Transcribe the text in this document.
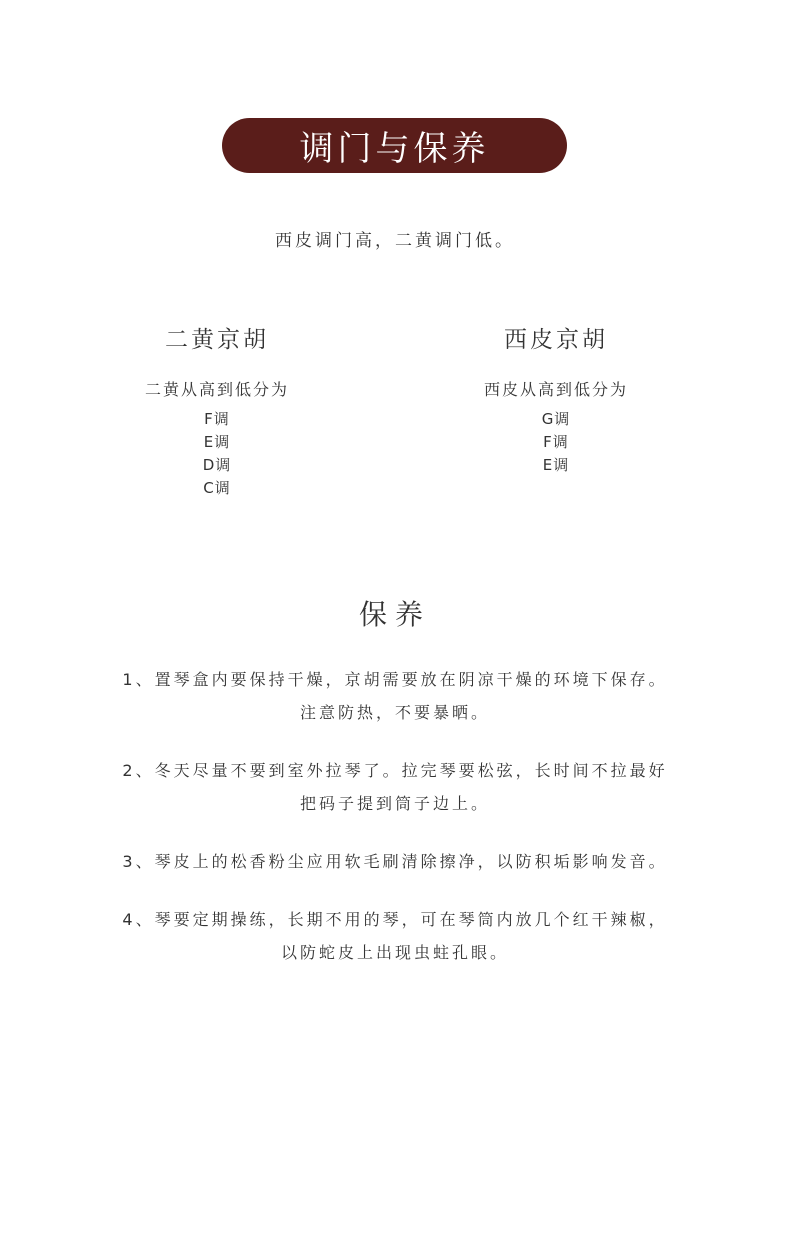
调门与保养
西皮调门高，二黄调门低。
二黄京胡
二黄从高到低分为
F调
E调
D调
C调
西皮京胡
西皮从高到低分为
G调
F调
E调
保养
1、置琴盒内要保持干燥，京胡需要放在阴凉干燥的环境下保存。
注意防热，不要暴晒。
2、冬天尽量不要到室外拉琴了。拉完琴要松弦，长时间不拉最好
把码子提到筒子边上。
3、琴皮上的松香粉尘应用软毛刷清除擦净，以防积垢影响发音。
4、琴要定期操练，长期不用的琴，可在琴筒内放几个红干辣椒，
以防蛇皮上出现虫蛀孔眼。
